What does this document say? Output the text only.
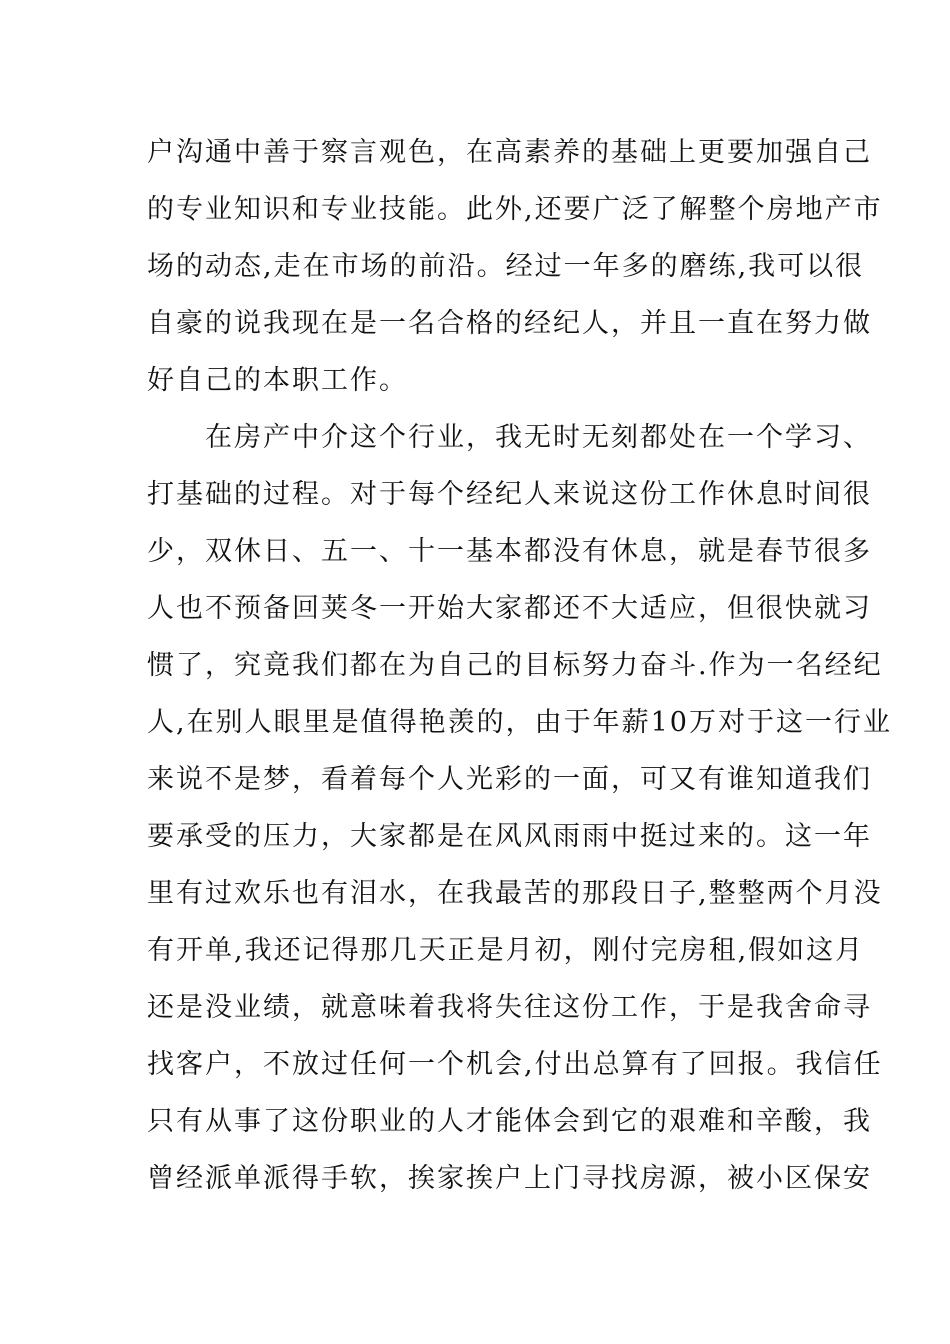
户沟通中善于察言观色，在高素养的基础上更要加强自己
的专业知识和专业技能。此外,还要广泛了解整个房地产市
场的动态,走在市场的前沿。经过一年多的磨练,我可以很
自豪的说我现在是一名合格的经纪人，并且一直在努力做
好自己的本职工作。
在房产中介这个行业，我无时无刻都处在一个学习、
打基础的过程。对于每个经纪人来说这份工作休息时间很
少，双休日、五一、十一基本都没有休息，就是春节很多
人也不预备回荚冬一开始大家都还不大适应，但很快就习
惯了，究竟我们都在为自己的目标努力奋斗.作为一名经纪
人,在别人眼里是值得艳羡的，由于年薪10万对于这一行业
来说不是梦，看着每个人光彩的一面，可又有谁知道我们
要承受的压力，大家都是在风风雨雨中挺过来的。这一年
里有过欢乐也有泪水，在我最苦的那段日子,整整两个月没
有开单,我还记得那几天正是月初，刚付完房租,假如这月
还是没业绩，就意味着我将失往这份工作，于是我舍命寻
找客户，不放过任何一个机会,付出总算有了回报。我信任
只有从事了这份职业的人才能体会到它的艰难和辛酸，我
曾经派单派得手软，挨家挨户上门寻找房源，被小区保安
